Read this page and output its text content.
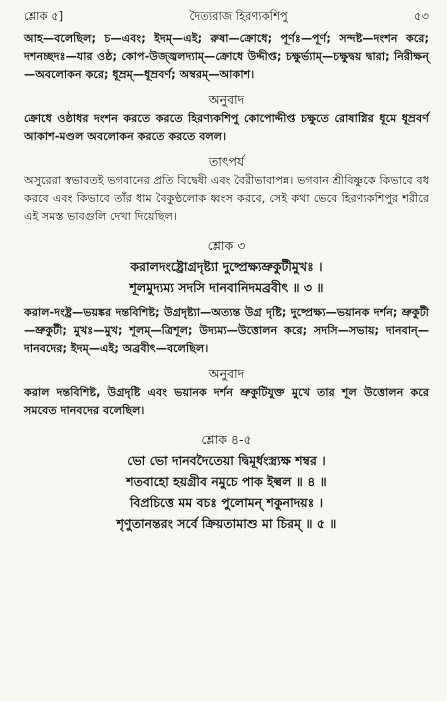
শ্লোক ৫]	দৈত্যরাজ হিরণ্যকশিপু	৫৩

আহ—বলেছিল; চ—এবং; ইদম্—এই; রুষা—ক্রোধে; পূর্ণঃ—পূর্ণ; সন্দষ্ট—দংশন করে; দশনচ্ছদঃ—যার ওষ্ঠ; কোপ-উজ্জ্বলদ্যাম্—ক্রোধে উদ্দীপ্ত; চক্ষুর্ভ্যাম্—চক্ষুদ্বয় দ্বারা; নিরীক্ষন্—অবলোকন করে; ধূম্রম্—ধূম্রবর্ণ; অম্বরম্—আকাশ।

অনুবাদ

ক্রোধে ওষ্ঠাধর দংশন করতে করতে হিরণ্যকশিপু কোপোদ্দীপ্ত চক্ষুতে রোষাগ্নির ধূমে ধূম্রবর্ণ আকাশ-মণ্ডল অবলোকন করতে করতে বলল।

তাৎপর্য

অসুরেরা স্বভাবতই ভগবানের প্রতি বিদ্বেষী এবং বৈরীভাবাপন্ন। ভগবান শ্রীবিষ্ণুকে কিভাবে বধ করবে এবং কিভাবে তাঁর ধাম বৈকুণ্ঠলোক ধ্বংস করবে, সেই কথা ভেবে হিরণ্যকশিপুর শরীরে এই সমস্ত ভাবগুলি দেখা দিয়েছিল।

শ্লোক ৩
করালদংষ্ট্রোগ্রদৃষ্ট্যা দুষ্প্রেক্ষ্যভ্রুকুটীমুখঃ ।
শূলমুদ্যম্য সদসি দানবানিদমব্রবীৎ ॥ ৩ ॥

করাল-দংষ্ট্র—ভয়ঙ্কর দন্তবিশিষ্ট; উগ্রদৃষ্ট্যা—অত্যন্ত উগ্র দৃষ্টি; দুষ্প্রেক্ষ্য—ভয়ানক দর্শন; ভ্রুকুটী—ভ্রুকুটী; মুখঃ—মুখ; শূলম্—ত্রিশূল; উদ্যম্য—উত্তোলন করে; সদসি—সভায়; দানবান্—দানবদের; ইদম্—এই; অব্রবীৎ—বলেছিল।

অনুবাদ

করাল দন্তবিশিষ্ট, উগ্রদৃষ্টি এবং ভয়ানক দর্শন ভ্রুকুটিযুক্ত মুখে তার শূল উত্তোলন করে সমবেত দানবদের বলেছিল।

শ্লোক ৪-৫
ভো ভো দানবদৈতেয়া দ্বিমূর্ধংস্ত্র্যক্ষ শম্বর ।
শতবাহো হয়গ্রীব নমুচে পাক ইল্বল ॥ ৪ ॥
বিপ্রচিত্তে মম বচঃ পুলোমন্ শকুনাদয়ঃ ।
শৃণুতানন্তরং সর্বে ক্রিয়তামাশু মা চিরম্ ॥ ৫ ॥
